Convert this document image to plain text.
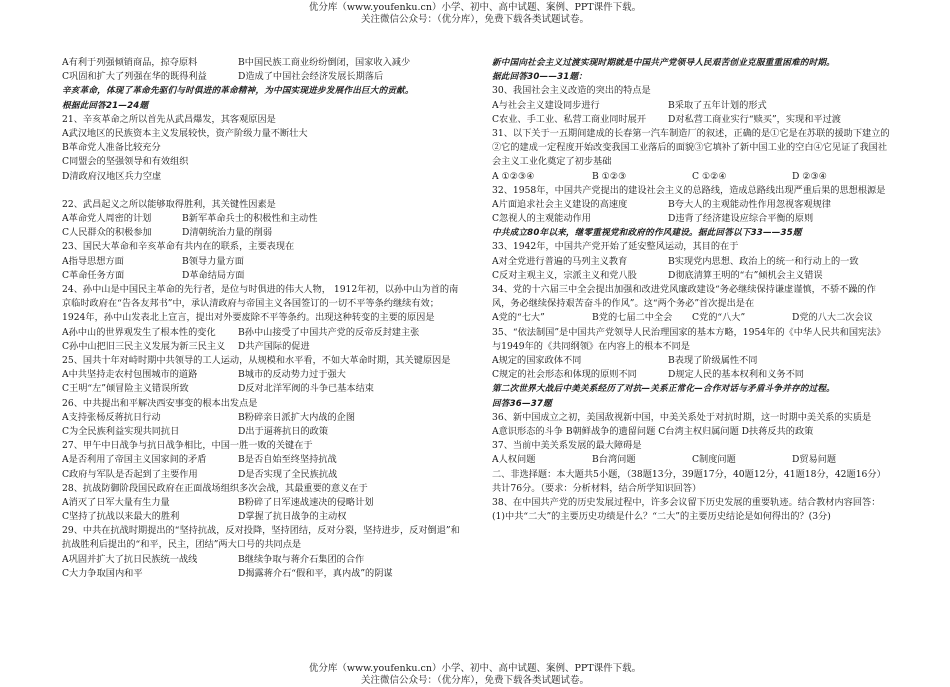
优分库（www.youfenku.cn）小学、初中、高中试题、案例、PPT课件下载。
关注微信公众号：（优分库），免费下载各类试题试卷。
A有利于列强倾销商品，掠夺原料	B中国民族工商业纷纷倒闭，国家收入减少
C巩固和扩大了列强在华的既得利益	D造成了中国社会经济发展长期落后
辛亥革命，体现了革命先驱们与时俱进的革命精神，为中国实现进步发展作出巨大的贡献。
根据此回答21—24题
21、辛亥革命之所以首先从武昌爆发，其客观原因是
A武汉地区的民族资本主义发展较快，资产阶级力量不断壮大
B革命党人准备比较充分
C同盟会的坚强领导和有效组织
D清政府汉地区兵力空虚
22、武昌起义之所以能够取得胜利，其关键性因素是
A革命党人周密的计划	B新军革命兵士的积极性和主动性
C人民群众的积极参加	D清朝统治力量的削弱
23、国民大革命和辛亥革命有共内在的联系，主要表现在
A指导思想方面	B领导力量方面
C革命任务方面	D革命结局方面
24、孙中山是中国民主革命的先行者，是位与时俱进的伟大人物， 1912年初，以孙中山为首的南京临时政府在“告各友邦书”中，承认清政府与帝国主义各国签订的一切不平等条约继续有效；1924年，孙中山发表北上宣言，提出对外要废除不平等条约。出现这种转变的主要的原因是
A孙中山的世界观发生了根本性的变化 B孙中山接受了中国共产党的反帝反封建主张
C孙中山把旧三民主义发展为新三民主义 D共产国际的促进
25、国共十年对峙时期中共领导的工人运动，从规模和水平看，不如大革命时期，其关键原因是
A中共坚持走农村包围城市的道路	B城市的反动势力过于强大
C王明“左”倾冒险主义错误所致	D反对北洋军阀的斗争已基本结束
26、中共提出和平解决西安事变的根本出发点是
A支持张杨反蒋抗日行动	B粉碎亲日派扩大内战的企图
C为全民族利益实现共同抗日	D出于逼蒋抗日的政策
27、甲午中日战争与抗日战争相比，中国一胜一败的关键在于
A是否利用了帝国主义国家间的矛盾	B是否自始至终坚持抗战
C政府与军队是否起到了主要作用	D是否实现了全民族抗战
28、抗战防御阶段国民政府在正面战场组织多次会战，其最重要的意义在于
A消灭了日军大量有生力量	B粉碎了日军速战速决的侵略计划
C坚持了抗战以来最大的胜利	D掌握了抗日战争的主动权
29、中共在抗战时期提出的“坚持抗战，反对投降，坚持团结，反对分裂，坚持进步，反对倒退”和抗战胜利后提出的“和平，民主，团结”两大口号的共同点是
A巩固并扩大了抗日民族统一战线	B继续争取与蒋介石集团的合作
C大力争取国内和平	D揭露蒋介石“假和平，真内战”的阴谋
新中国向社会主义过渡实现时期就是中国共产党领导人民艰苦创业克服重重困难的时期。
据此回答30——31题：
30、我国社会主义改造的突出的特点是
A与社会主义建设同步进行	B采取了五年计划的形式
C农业、手工业、私营工商业同时展开 D对私营工商业实行“赎买”，实现和平过渡
31、以下关于一五期间建成的长春第一汽车制造厂的叙述，正确的是①它是在苏联的援助下建立的②它的建成一定程度开始改变我国工业落后的面貌③它填补了新中国工业的空白④它见证了我国社会主义工业化奠定了初步基础
A ①②③④	B ①②③	C ①②④	D ②③④
32、1958年，中国共产党提出的建设社会主义的总路线，造成总路线出现严重后果的思想根源是
A片面追求社会主义建设的高速度	B夸大人的主观能动性作用忽视客观规律
C忽视人的主观能动作用	D违背了经济建设应综合平衡的原则
中共成立80年以来，继零重视党和政府的作风建设。据此回答以下33——35题
33、1942年，中国共产党开始了延安整风运动，其目的在于
A对全党进行普遍的马列主义教育	B实现党内思想、政治上的统一和行动上的一致
C反对主观主义，宗派主义和党八股	D彻底清算王明的“右”倾机会主义错误
34、党的十六届三中全会提出加强和改进党风廉政建设“务必继续保持谦虚谨慎，不骄不躁的作风，务必继续保持艰苦奋斗的作风”。这“两个务必”首次提出是在
A党的“七大”	B党的七届二中全会 C党的“八大”	D党的八大二次会议
35、“依法制国”是中国共产党领导人民治理国家的基本方略，1954年的《中华人民共和国宪法》与1949年的《共同纲领》在内容上的根本不同是
A规定的国家政体不同	B表现了阶级属性不同
C规定的社会形态和体现的原则不同	D规定人民的基本权利和义务不同
第二次世界大战后中美关系经历了对抗—关系正常化—合作对话与矛盾斗争并存的过程。
回答36—37题
36、新中国成立之初，美国敌视新中国，中美关系处于对抗时期，这一时期中美关系的实质是
A意识形态的斗争 B朝鲜战争的遗留问题 C台湾主权归属问题 D扶蒋反共的政策
37、当前中美关系发展的最大障碍是
A人权问题	B台湾问题	C制度问题	D贸易问题
二、非选择题：本大题共5小题，（38题13分，39题17分，40题12分，41题18分，42题16分）共计76分。（要求：分析材料，结合所学知识回答）
38、在中国共产党的历史发展过程中，许多会议留下历史发展的重要轨迹。结合教材内容回答：(1)中共“二大”的主要历史功绩是什么？“二大”的主要历史结论是如何得出的？(3分)
优分库（www.youfenku.cn）小学、初中、高中试题、案例、PPT课件下载。
关注微信公众号：（优分库），免费下载各类试题试卷。
